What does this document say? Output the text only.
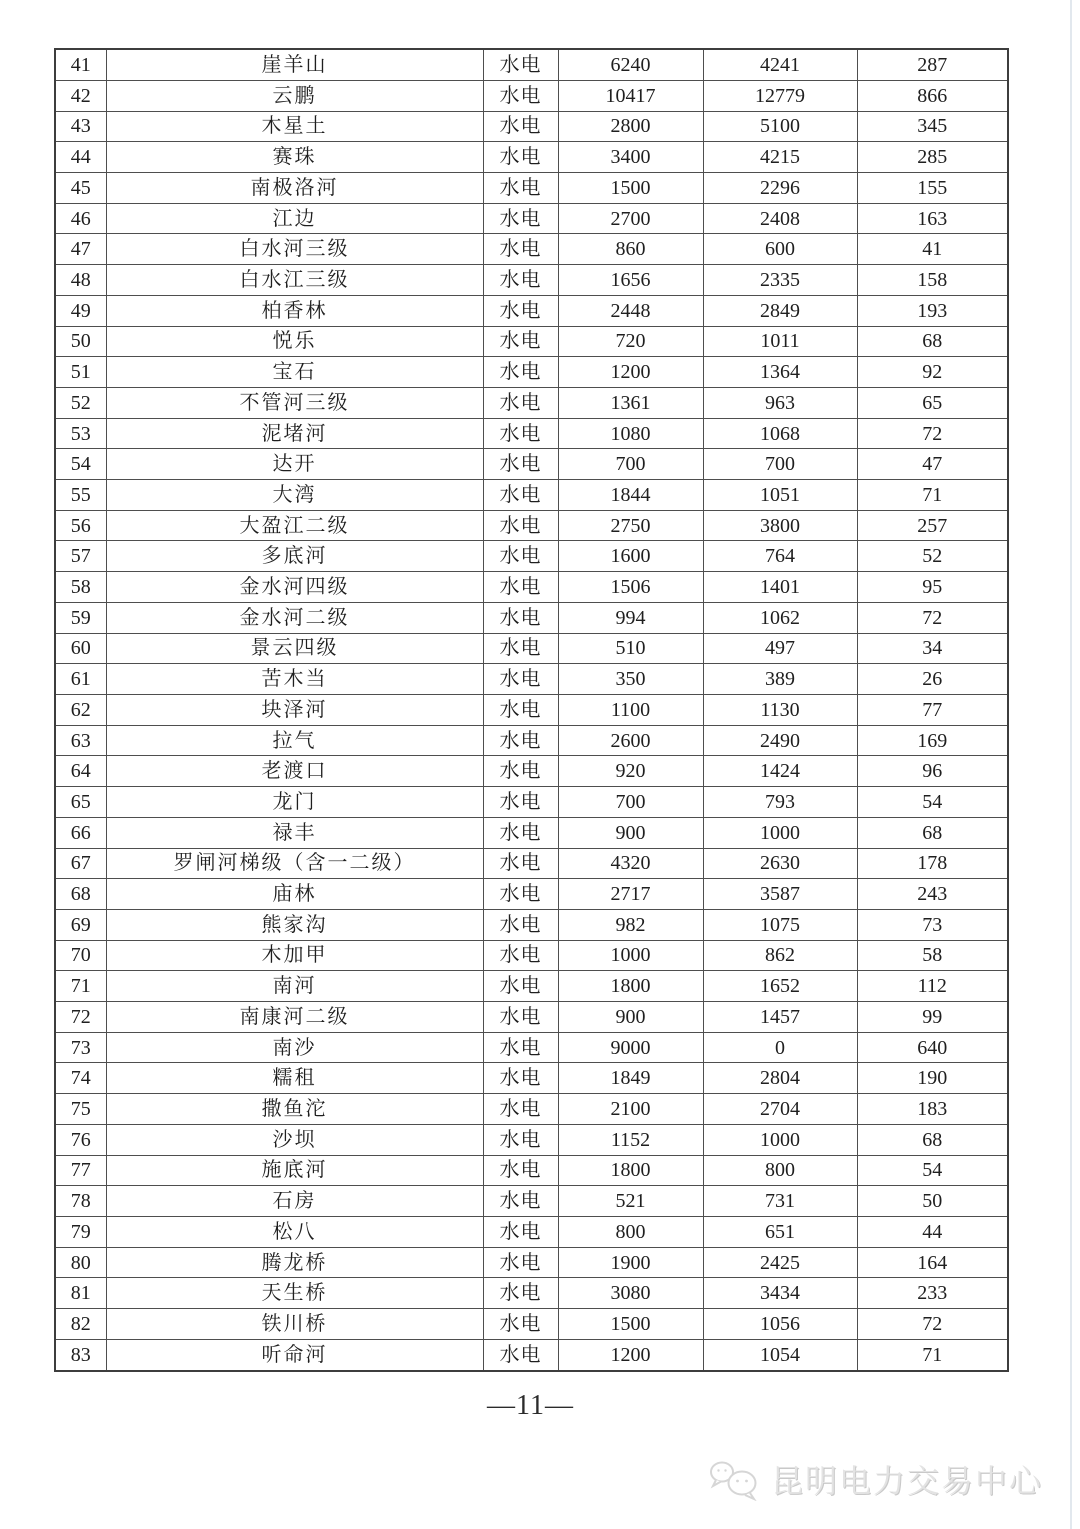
41	崖羊山	水电	6240	4241	287
42	云鹏	水电	10417	12779	866
43	木星土	水电	2800	5100	345
44	赛珠	水电	3400	4215	285
45	南极洛河	水电	1500	2296	155
46	江边	水电	2700	2408	163
47	白水河三级	水电	860	600	41
48	白水江三级	水电	1656	2335	158
49	柏香林	水电	2448	2849	193
50	悦乐	水电	720	1011	68
51	宝石	水电	1200	1364	92
52	不管河三级	水电	1361	963	65
53	泥堵河	水电	1080	1068	72
54	达开	水电	700	700	47
55	大湾	水电	1844	1051	71
56	大盈江二级	水电	2750	3800	257
57	多底河	水电	1600	764	52
58	金水河四级	水电	1506	1401	95
59	金水河二级	水电	994	1062	72
60	景云四级	水电	510	497	34
61	苦木当	水电	350	389	26
62	块泽河	水电	1100	1130	77
63	拉气	水电	2600	2490	169
64	老渡口	水电	920	1424	96
65	龙门	水电	700	793	54
66	禄丰	水电	900	1000	68
67	罗闸河梯级（含一二级）	水电	4320	2630	178
68	庙林	水电	2717	3587	243
69	熊家沟	水电	982	1075	73
70	木加甲	水电	1000	862	58
71	南河	水电	1800	1652	112
72	南康河二级	水电	900	1457	99
73	南沙	水电	9000	0	640
74	糯租	水电	1849	2804	190
75	撒鱼沱	水电	2100	2704	183
76	沙坝	水电	1152	1000	68
77	施底河	水电	1800	800	54
78	石房	水电	521	731	50
79	松八	水电	800	651	44
80	腾龙桥	水电	1900	2425	164
81	天生桥	水电	3080	3434	233
82	铁川桥	水电	1500	1056	72
83	听命河	水电	1200	1054	71
—11—
昆明电力交易中心
